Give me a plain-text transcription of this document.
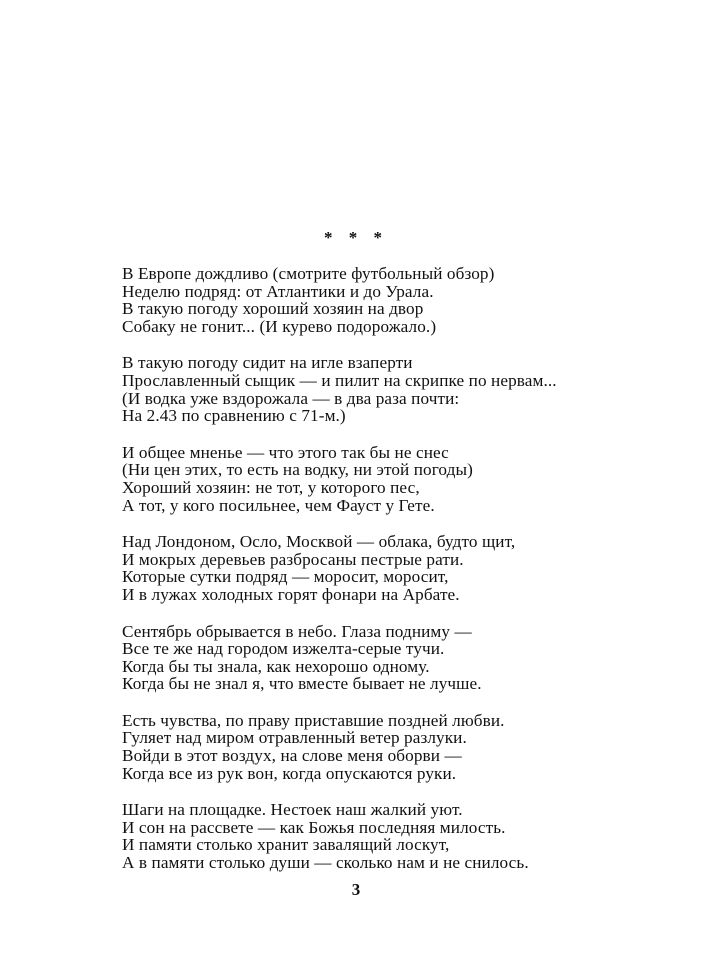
* * *
В Европе дождливо (смотрите футбольный обзор)
Неделю подряд: от Атлантики и до Урала.
В такую погоду хороший хозяин на двор
Собаку не гонит... (И курево подорожало.)
В такую погоду сидит на игле взаперти
Прославленный сыщик — и пилит на скрипке по нервам...
(И водка уже вздорожала — в два раза почти:
На 2.43 по сравнению с 71-м.)
И общее мненье — что этого так бы не снес
(Ни цен этих, то есть на водку, ни этой погоды)
Хороший хозяин: не тот, у которого пес,
А тот, у кого посильнее, чем Фауст у Гете.
Над Лондоном, Осло, Москвой — облака, будто щит,
И мокрых деревьев разбросаны пестрые рати.
Которые сутки подряд — моросит, моросит,
И в лужах холодных горят фонари на Арбате.
Сентябрь обрывается в небо. Глаза подниму —
Все те же над городом изжелта-серые тучи.
Когда бы ты знала, как нехорошо одному.
Когда бы не знал я, что вместе бывает не лучше.
Есть чувства, по праву приставшие поздней любви.
Гуляет над миром отравленный ветер разлуки.
Войди в этот воздух, на слове меня оборви —
Когда все из рук вон, когда опускаются руки.
Шаги на площадке. Нестоек наш жалкий уют.
И сон на рассвете — как Божья последняя милость.
И памяти столько хранит завалящий лоскут,
А в памяти столько души — сколько нам и не снилось.
3
